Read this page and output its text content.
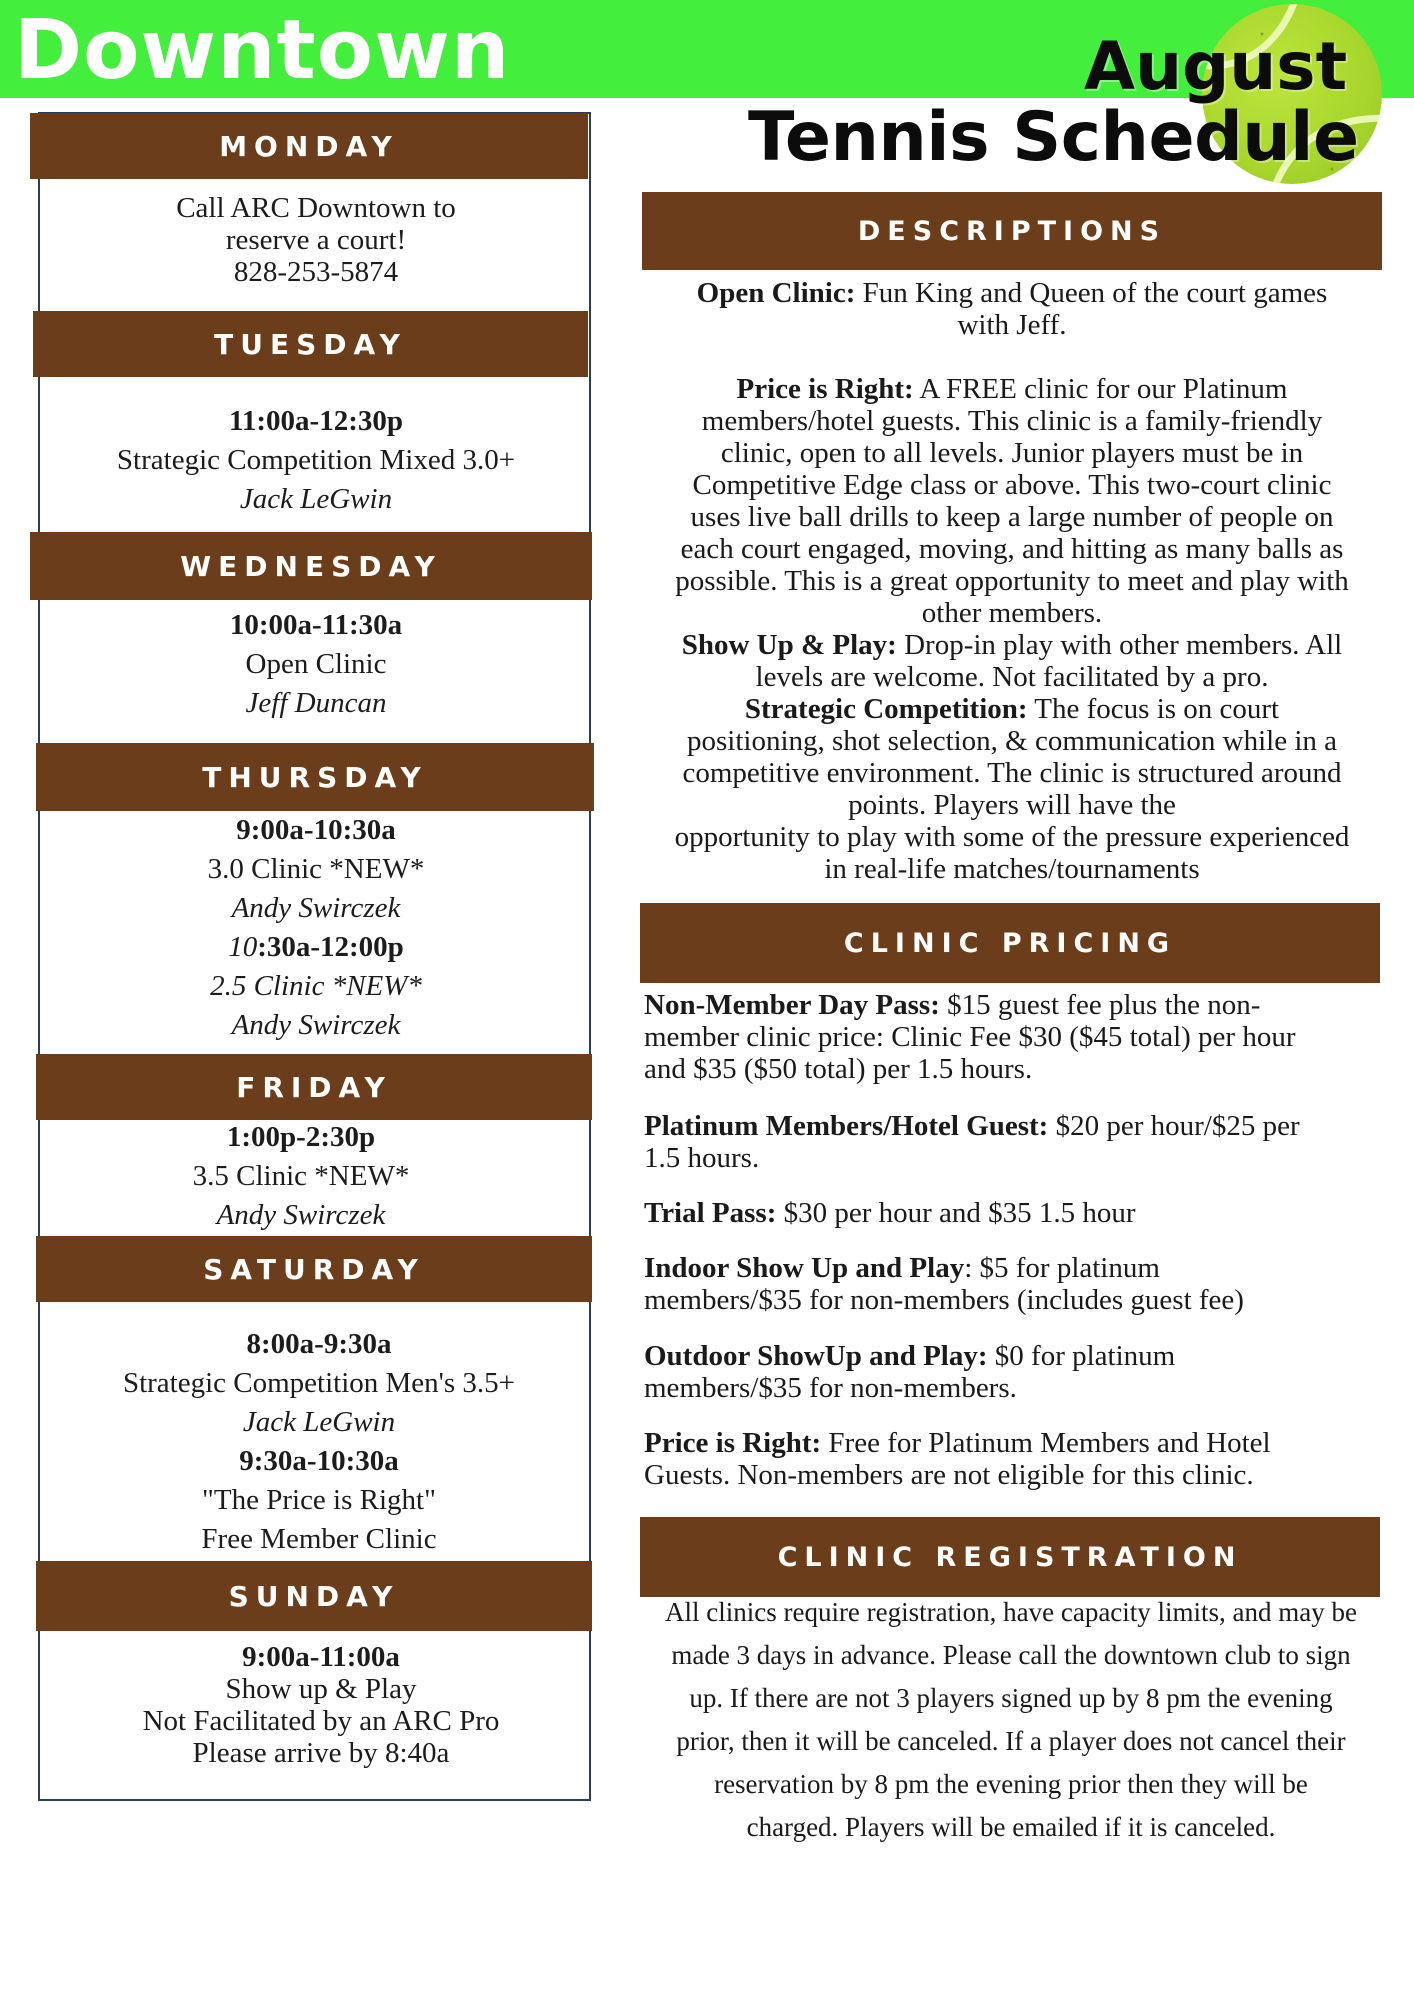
Downtown	August
Tennis Schedule
MONDAY
Call ARC Downtown to
reserve a court!
828-253-5874
TUESDAY
11:00a-12:30p
Strategic Competition Mixed 3.0+
Jack LeGwin
WEDNESDAY
10:00a-11:30a
Open Clinic
Jeff Duncan
THURSDAY
9:00a-10:30a
3.0 Clinic *NEW*
Andy Swirczek
10:30a-12:00p
2.5 Clinic *NEW*
Andy Swirczek
FRIDAY
1:00p-2:30p
3.5 Clinic *NEW*
Andy Swirczek
SATURDAY
8:00a-9:30a
Strategic Competition Men's 3.5+
Jack LeGwin
9:30a-10:30a
"The Price is Right"
Free Member Clinic
SUNDAY
9:00a-11:00a
Show up & Play
Not Facilitated by an ARC Pro
Please arrive by 8:40a
DESCRIPTIONS
Open Clinic: Fun King and Queen of the court games
with Jeff.
Price is Right: A FREE clinic for our Platinum
members/hotel guests. This clinic is a family-friendly
clinic, open to all levels. Junior players must be in
Competitive Edge class or above. This two-court clinic
uses live ball drills to keep a large number of people on
each court engaged, moving, and hitting as many balls as
possible. This is a great opportunity to meet and play with
other members.
Show Up & Play: Drop-in play with other members. All
levels are welcome. Not facilitated by a pro.
Strategic Competition: The focus is on court
positioning, shot selection, & communication while in a
competitive environment. The clinic is structured around
points. Players will have the
opportunity to play with some of the pressure experienced
in real-life matches/tournaments
CLINIC PRICING
Non-Member Day Pass: $15 guest fee plus the non-
member clinic price: Clinic Fee $30 ($45 total) per hour
and $35 ($50 total) per 1.5 hours.
Platinum Members/Hotel Guest: $20 per hour/$25 per
1.5 hours.
Trial Pass: $30 per hour and $35 1.5 hour
Indoor Show Up and Play: $5 for platinum
members/$35 for non-members (includes guest fee)
Outdoor ShowUp and Play: $0 for platinum
members/$35 for non-members.
Price is Right: Free for Platinum Members and Hotel
Guests. Non-members are not eligible for this clinic.
CLINIC REGISTRATION
All clinics require registration, have capacity limits, and may be
made 3 days in advance. Please call the downtown club to sign
up. If there are not 3 players signed up by 8 pm the evening
prior, then it will be canceled. If a player does not cancel their
reservation by 8 pm the evening prior then they will be
charged. Players will be emailed if it is canceled.
